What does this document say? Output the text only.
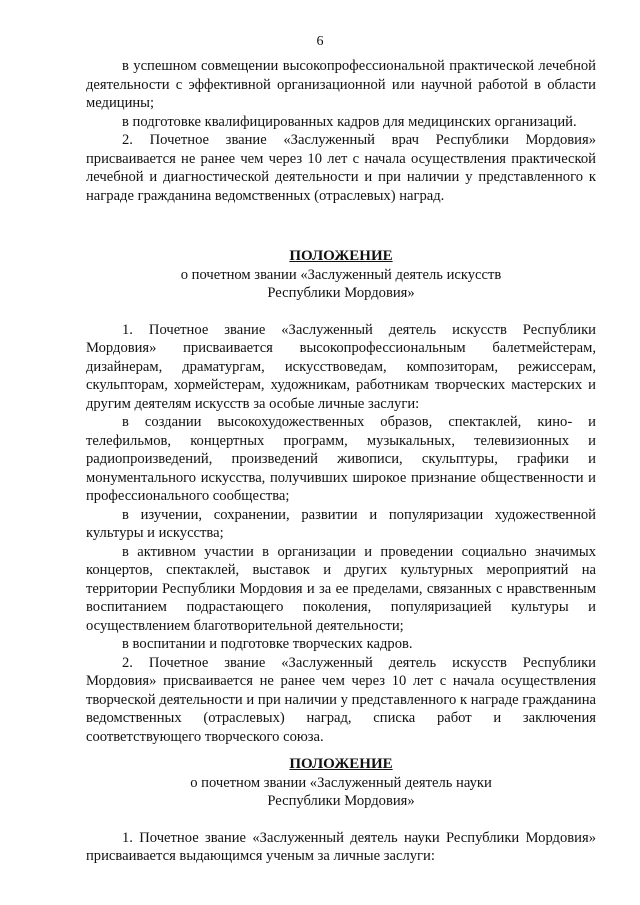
6

в успешном совмещении высокопрофессиональной практической лечебной деятельности с эффективной организационной или научной работой в области медицины;

в подготовке квалифицированных кадров для медицинских организаций.

2. Почетное звание «Заслуженный врач Республики Мордовия» присваивается не ранее чем через 10 лет с начала осуществления практической лечебной и диагностической деятельности и при наличии у представленного к награде гражданина ведомственных (отраслевых) наград.

ПОЛОЖЕНИЕ
о почетном звании «Заслуженный деятель искусств
Республики Мордовия»

1. Почетное звание «Заслуженный деятель искусств Республики Мордовия» присваивается высокопрофессиональным балетмейстерам, дизайнерам, драматургам, искусствоведам, композиторам, режиссерам, скульпторам, хормейстерам, художникам, работникам творческих мастерских и другим деятелям искусств за особые личные заслуги:

в создании высокохудожественных образов, спектаклей, кино- и телефильмов, концертных программ, музыкальных, телевизионных и радиопроизведений, произведений живописи, скульптуры, графики и монументального искусства, получивших широкое признание общественности и профессионального сообщества;

в изучении, сохранении, развитии и популяризации художественной культуры и искусства;

в активном участии в организации и проведении социально значимых концертов, спектаклей, выставок и других культурных мероприятий на территории Республики Мордовия и за ее пределами, связанных с нравственным воспитанием подрастающего поколения, популяризацией культуры и осуществлением благотворительной деятельности;

в воспитании и подготовке творческих кадров.

2. Почетное звание «Заслуженный деятель искусств Республики Мордовия» присваивается не ранее чем через 10 лет с начала осуществления творческой деятельности и при наличии у представленного к награде гражданина ведомственных (отраслевых) наград, списка работ и заключения соответствующего творческого союза.

ПОЛОЖЕНИЕ
о почетном звании «Заслуженный деятель науки
Республики Мордовия»

1. Почетное звание «Заслуженный деятель науки Республики Мордовия» присваивается выдающимся ученым за личные заслуги:
